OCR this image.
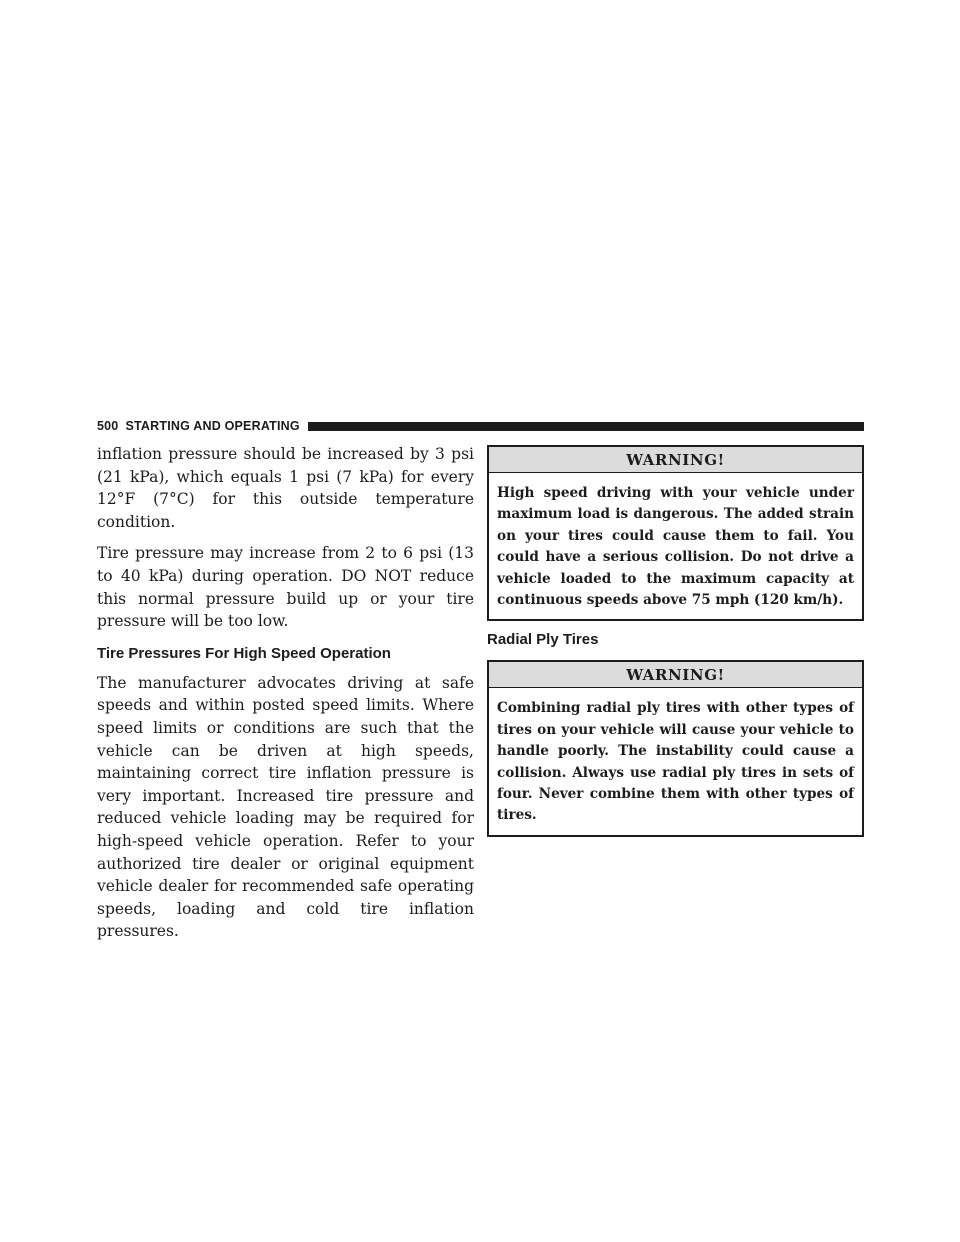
500 STARTING AND OPERATING

inflation pressure should be increased by 3 psi (21 kPa), which equals 1 psi (7 kPa) for every 12°F (7°C) for this outside temperature condition.

Tire pressure may increase from 2 to 6 psi (13 to 40 kPa) during operation. DO NOT reduce this normal pressure build up or your tire pressure will be too low.

Tire Pressures For High Speed Operation

The manufacturer advocates driving at safe speeds and within posted speed limits. Where speed limits or conditions are such that the vehicle can be driven at high speeds, maintaining correct tire inflation pressure is very important. Increased tire pressure and reduced vehicle loading may be required for high-speed vehicle operation. Refer to your authorized tire dealer or original equipment vehicle dealer for recommended safe operating speeds, loading and cold tire inflation pressures.

WARNING!
High speed driving with your vehicle under maximum load is dangerous. The added strain on your tires could cause them to fail. You could have a serious collision. Do not drive a vehicle loaded to the maximum capacity at continuous speeds above 75 mph (120 km/h).
Radial Ply Tires
WARNING!
Combining radial ply tires with other types of tires on your vehicle will cause your vehicle to handle poorly. The instability could cause a collision. Always use radial ply tires in sets of four. Never combine them with other types of tires.
